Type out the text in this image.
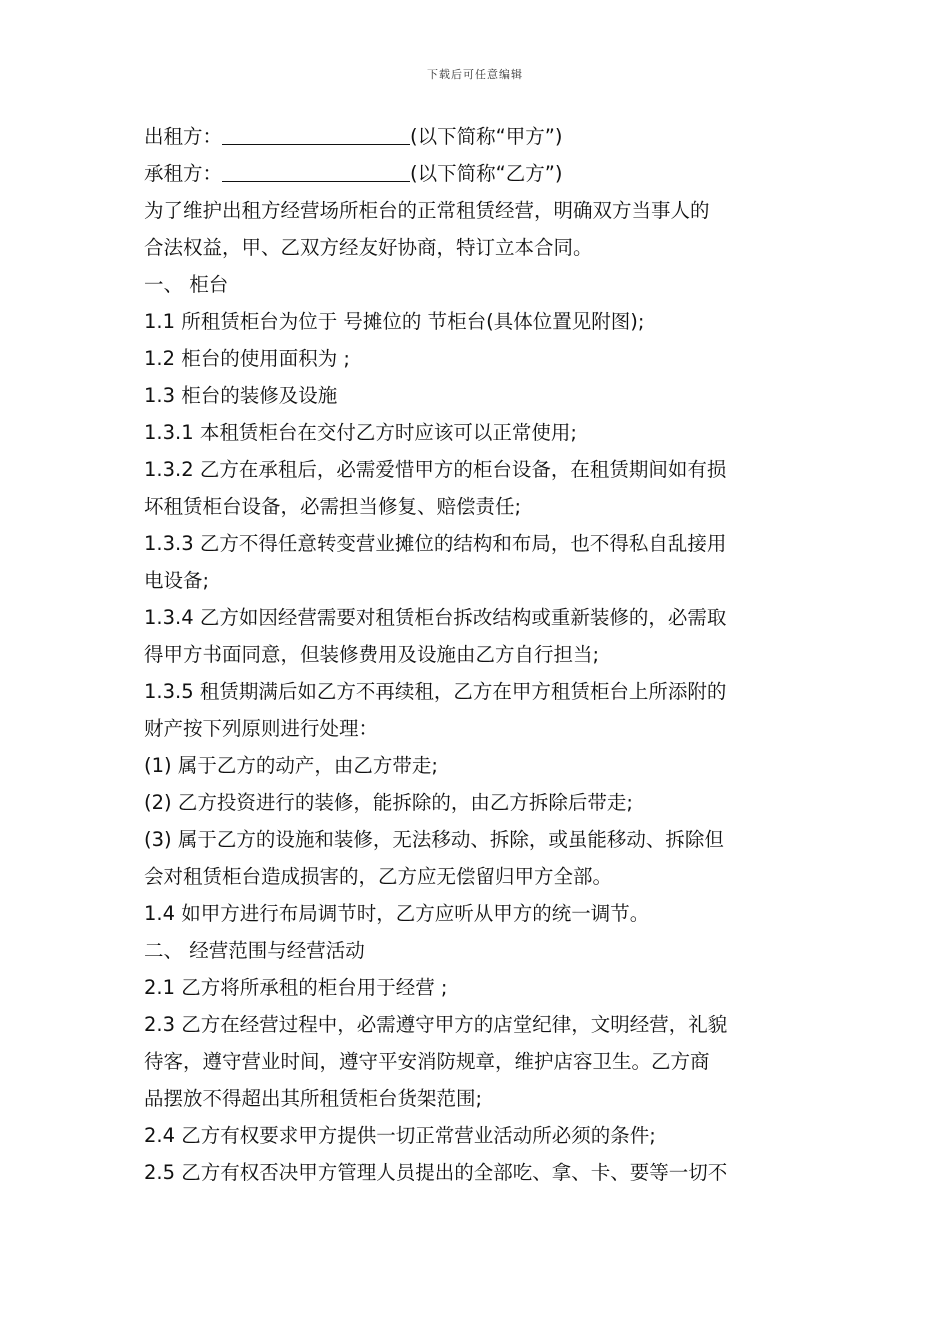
下载后可任意编辑
出租方：	(以下简称“甲方”)
承租方：	(以下简称“乙方”)
为了维护出租方经营场所柜台的正常租赁经营，明确双方当事人的
合法权益，甲、乙双方经友好协商，特订立本合同。
一、 柜台
1.1 所租赁柜台为位于 号摊位的 节柜台(具体位置见附图);
1.2 柜台的使用面积为 ;
1.3 柜台的装修及设施
1.3.1 本租赁柜台在交付乙方时应该可以正常使用;
1.3.2 乙方在承租后，必需爱惜甲方的柜台设备，在租赁期间如有损
坏租赁柜台设备，必需担当修复、赔偿责任;
1.3.3 乙方不得任意转变营业摊位的结构和布局，也不得私自乱接用
电设备;
1.3.4 乙方如因经营需要对租赁柜台拆改结构或重新装修的，必需取
得甲方书面同意，但装修费用及设施由乙方自行担当;
1.3.5 租赁期满后如乙方不再续租，乙方在甲方租赁柜台上所添附的
财产按下列原则进行处理：
(1) 属于乙方的动产，由乙方带走;
(2) 乙方投资进行的装修，能拆除的，由乙方拆除后带走;
(3) 属于乙方的设施和装修，无法移动、拆除，或虽能移动、拆除但
会对租赁柜台造成损害的，乙方应无偿留归甲方全部。
1.4 如甲方进行布局调节时，乙方应听从甲方的统一调节。
二、 经营范围与经营活动
2.1 乙方将所承租的柜台用于经营 ;
2.3 乙方在经营过程中，必需遵守甲方的店堂纪律，文明经营，礼貌
待客，遵守营业时间，遵守平安消防规章，维护店容卫生。乙方商
品摆放不得超出其所租赁柜台货架范围;
2.4 乙方有权要求甲方提供一切正常营业活动所必须的条件;
2.5 乙方有权否决甲方管理人员提出的全部吃、拿、卡、要等一切不
